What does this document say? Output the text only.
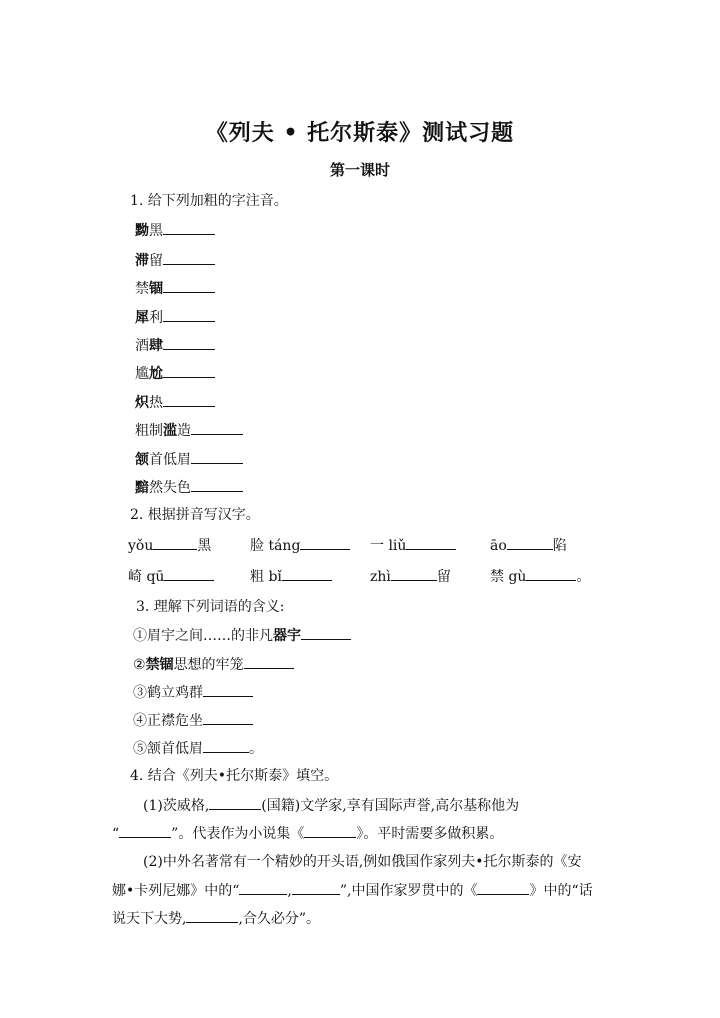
《列夫 • 托尔斯泰》测试习题
第一课时
1. 给下列加粗的字注音。
黝黑
滞留
禁锢
犀利
酒肆
尴尬
炽热
粗制滥造
颔首低眉
黯然失色
2. 根据拼音写汉字。
yǒu	黑	脸 táng	一 liǔ	āo	陷
崎 qū	粗 bǐ	zhì	留	禁 gù	。
3. 理解下列词语的含义:
①眉宇之间……的非凡器宇
②禁锢思想的牢笼
③鹤立鸡群
④正襟危坐
⑤颔首低眉	。
4. 结合《列夫•托尔斯泰》填空。
(1)茨威格,	(国籍)文学家,享有国际声誉,高尔基称他为
“	”。代表作为小说集《	》。平时需要多做积累。
(2)中外名著常有一个精妙的开头语,例如俄国作家列夫•托尔斯泰的《安
娜•卡列尼娜》中的“	,	”,中国作家罗贯中的《	》中的“话
说天下大势,	,合久必分”。
